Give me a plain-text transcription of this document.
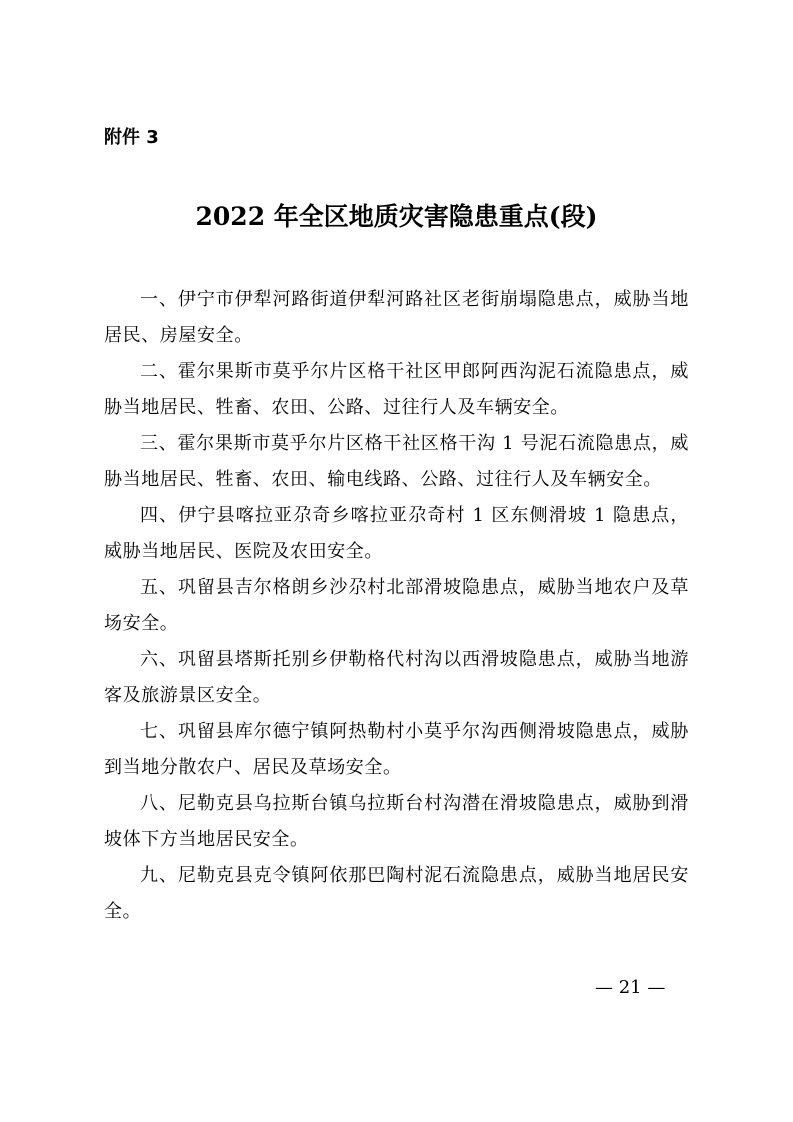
附件 3

2022 年全区地质灾害隐患重点(段)

一、伊宁市伊犁河路街道伊犁河路社区老街崩塌隐患点，威胁当地居民、房屋安全。

二、霍尔果斯市莫乎尔片区格干社区甲郎阿西沟泥石流隐患点，威胁当地居民、牲畜、农田、公路、过往行人及车辆安全。

三、霍尔果斯市莫乎尔片区格干社区格干沟 1 号泥石流隐患点，威胁当地居民、牲畜、农田、输电线路、公路、过往行人及车辆安全。

四、伊宁县喀拉亚尕奇乡喀拉亚尕奇村 1 区东侧滑坡 1 隐患点，威胁当地居民、医院及农田安全。

五、巩留县吉尔格朗乡沙尕村北部滑坡隐患点，威胁当地农户及草场安全。

六、巩留县塔斯托别乡伊勒格代村沟以西滑坡隐患点，威胁当地游客及旅游景区安全。

七、巩留县库尔德宁镇阿热勒村小莫乎尔沟西侧滑坡隐患点，威胁到当地分散农户、居民及草场安全。

八、尼勒克县乌拉斯台镇乌拉斯台村沟潜在滑坡隐患点，威胁到滑坡体下方当地居民安全。

九、尼勒克县克令镇阿依那巴陶村泥石流隐患点，威胁当地居民安全。

— 21 —
